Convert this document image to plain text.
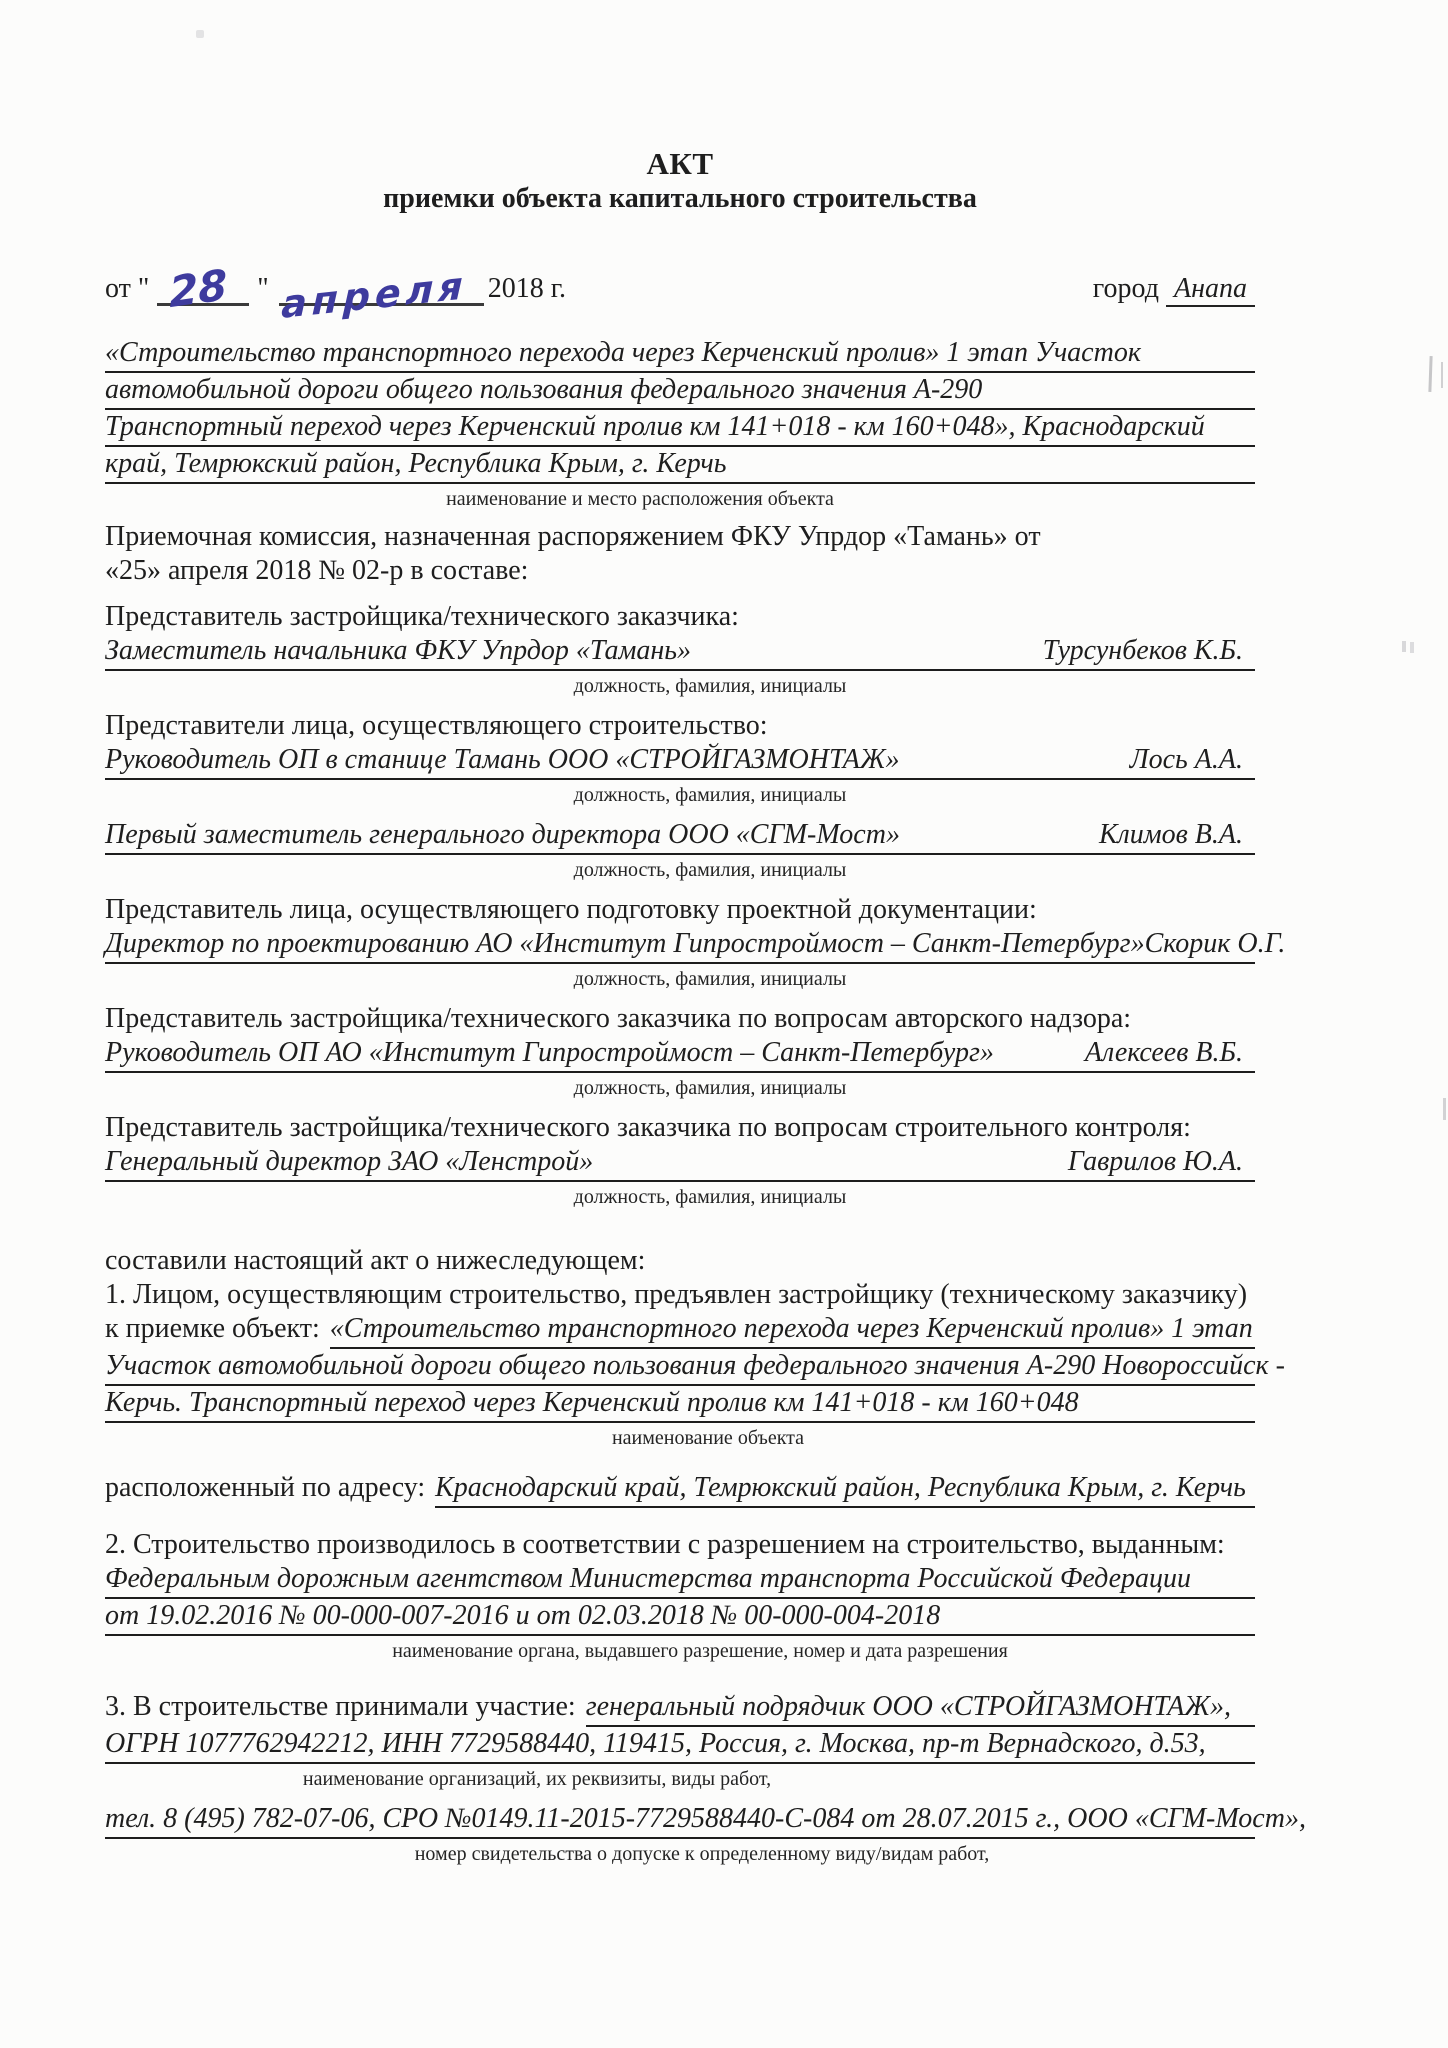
АКТ
приемки объекта капитального строительства
от " 28 " апреля 2018 г.	город Анапа
«Строительство транспортного перехода через Керченский пролив» 1 этап Участок
автомобильной дороги общего пользования федерального значения А-290
Транспортный переход через Керченский пролив км 141+018 - км 160+048», Краснодарский
край, Темрюкский район, Республика Крым, г. Керчь
наименование и место расположения объекта
Приемочная комиссия, назначенная распоряжением ФКУ Упрдор «Тамань» от
«25» апреля 2018 № 02-р в составе:
Представитель застройщика/технического заказчика:
Заместитель начальника ФКУ Упрдор «Тамань»	Турсунбеков К.Б.
должность, фамилия, инициалы
Представители лица, осуществляющего строительство:
Руководитель ОП в станице Тамань ООО «СТРОЙГАЗМОНТАЖ»	Лось А.А.
должность, фамилия, инициалы
Первый заместитель генерального директора ООО «СГМ-Мост»	Климов В.А.
должность, фамилия, инициалы
Представитель лица, осуществляющего подготовку проектной документации:
Директор по проектированию АО «Институт Гипростроймост – Санкт-Петербург» Скорик О.Г.
должность, фамилия, инициалы
Представитель застройщика/технического заказчика по вопросам авторского надзора:
Руководитель ОП АО «Институт Гипростроймост – Санкт-Петербург»	Алексеев В.Б.
должность, фамилия, инициалы
Представитель застройщика/технического заказчика по вопросам строительного контроля:
Генеральный директор ЗАО «Ленстрой»	Гаврилов Ю.А.
должность, фамилия, инициалы
составили настоящий акт о нижеследующем:
1. Лицом, осуществляющим строительство, предъявлен застройщику (техническому заказчику)
к приемке объект: «Строительство транспортного перехода через Керченский пролив» 1 этап
Участок автомобильной дороги общего пользования федерального значения А-290 Новороссийск -
Керчь. Транспортный переход через Керченский пролив км 141+018 - км 160+048
наименование объекта
расположенный по адресу: Краснодарский край, Темрюкский район, Республика Крым, г. Керчь
2. Строительство производилось в соответствии с разрешением на строительство, выданным:
Федеральным дорожным агентством Министерства транспорта Российской Федерации
от 19.02.2016 № 00-000-007-2016 и от 02.03.2018 № 00-000-004-2018
наименование органа, выдавшего разрешение, номер и дата разрешения
3. В строительстве принимали участие: генеральный подрядчик ООО «СТРОЙГАЗМОНТАЖ»,
ОГРН 1077762942212, ИНН 7729588440, 119415, Россия, г. Москва, пр-т Вернадского, д.53,
наименование организаций, их реквизиты, виды работ,
тел. 8 (495) 782-07-06, СРО №0149.11-2015-7729588440-С-084 от 28.07.2015 г., ООО «СГМ-Мост»,
номер свидетельства о допуске к определенному виду/видам работ,
